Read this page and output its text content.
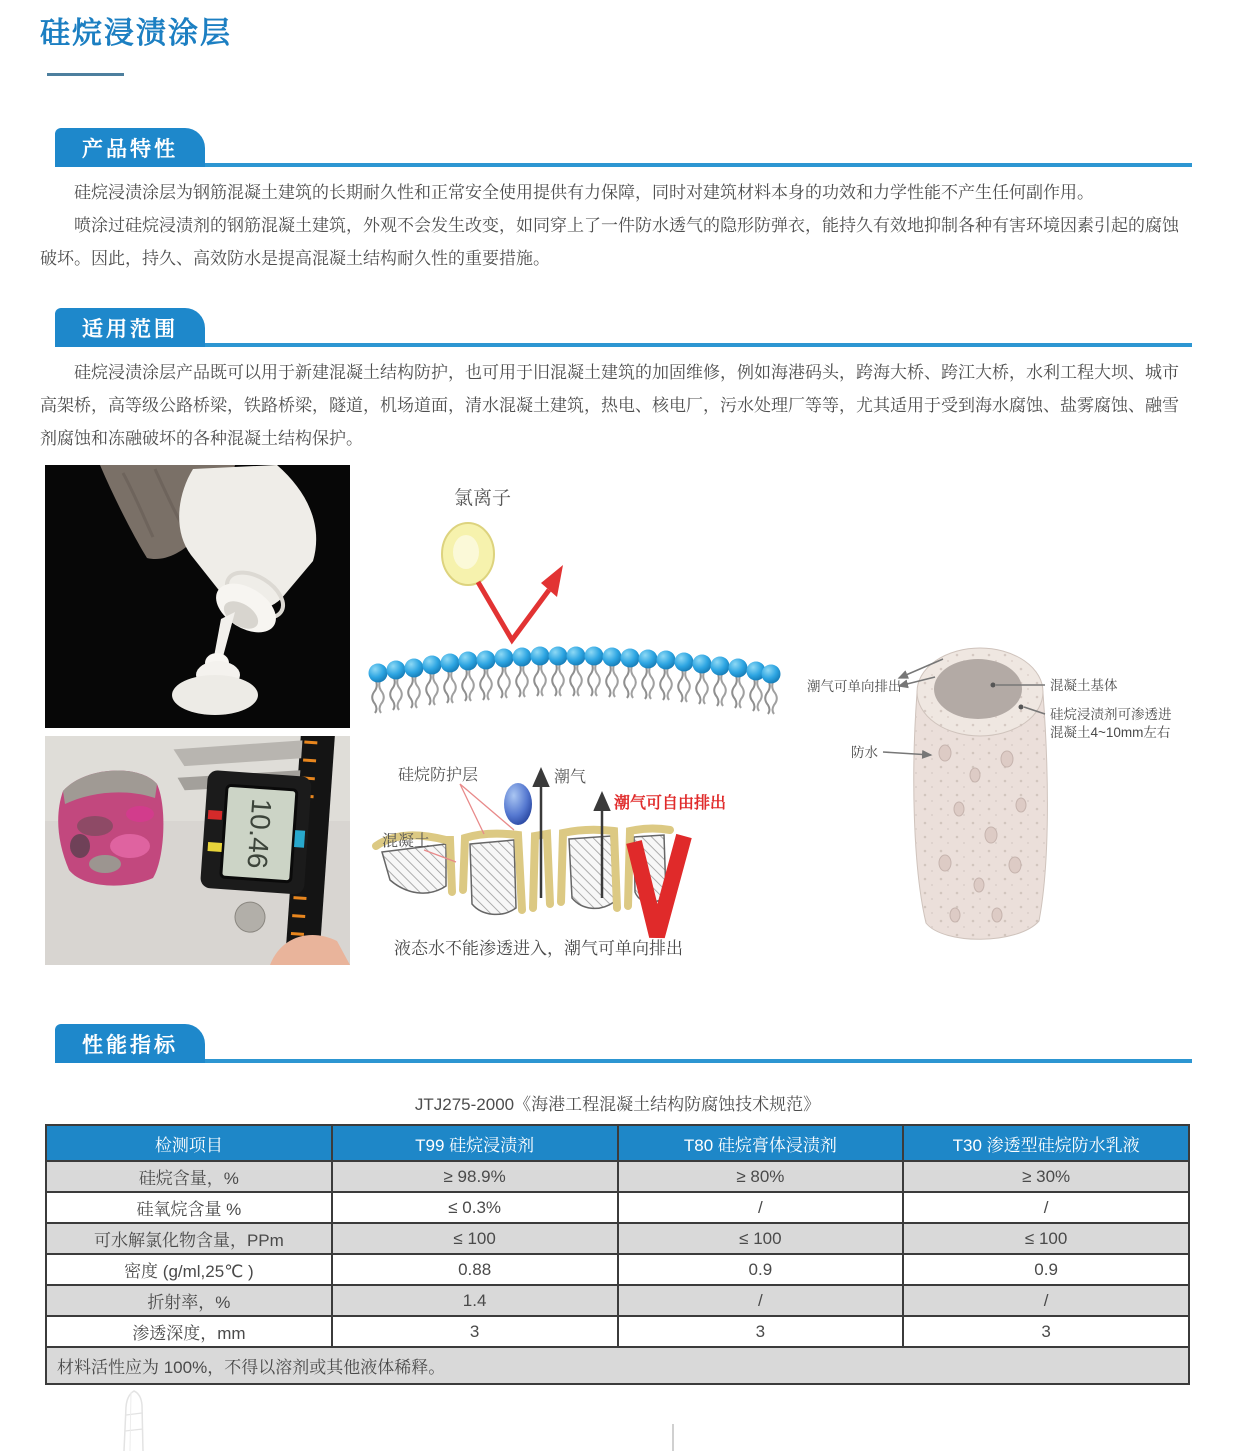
硅烷浸渍涂层
产品特性

硅烷浸渍涂层为钢筋混凝土建筑的长期耐久性和正常安全使用提供有力保障，同时对建筑材料本身的功效和力学性能不产生任何副作用。

喷涂过硅烷浸渍剂的钢筋混凝土建筑，外观不会发生改变，如同穿上了一件防水透气的隐形防弹衣，能持久有效地抑制各种有害环境因素引起的腐蚀破坏。因此，持久、高效防水是提高混凝土结构耐久性的重要措施。

适用范围

硅烷浸渍涂层产品既可以用于新建混凝土结构防护，也可用于旧混凝土建筑的加固维修，例如海港码头，跨海大桥、跨江大桥，水利工程大坝、城市高架桥，高等级公路桥梁，铁路桥梁，隧道，机场道面，清水混凝土建筑，热电、核电厂，污水处理厂等等，尤其适用于受到海水腐蚀、盐雾腐蚀、融雪剂腐蚀和冻融破坏的各种混凝土结构保护。

氯离子
潮气可单向排出	混凝土基体
硅烷浸渍剂可渗透进
混凝土4~10mm左右
防水
10.46
硅烷防护层
混凝土
潮气
潮气可自由排出
液态水不能渗透进入，潮气可单向排出
性能指标
JTJ275-2000《海港工程混凝土结构防腐蚀技术规范》
检测项目	T99 硅烷浸渍剂	T80 硅烷膏体浸渍剂	T30 渗透型硅烷防水乳液
硅烷含量，%	≥ 98.9%	≥ 80%	≥ 30%
硅氧烷含量 %	≤ 0.3%	/	/
可水解氯化物含量，PPm	≤ 100	≤ 100	≤ 100
密度 (g/ml,25℃ )	0.88	0.9	0.9
折射率，%	1.4	/	/
渗透深度，mm	3	3	3
材料活性应为 100%，不得以溶剂或其他液体稀释。			
